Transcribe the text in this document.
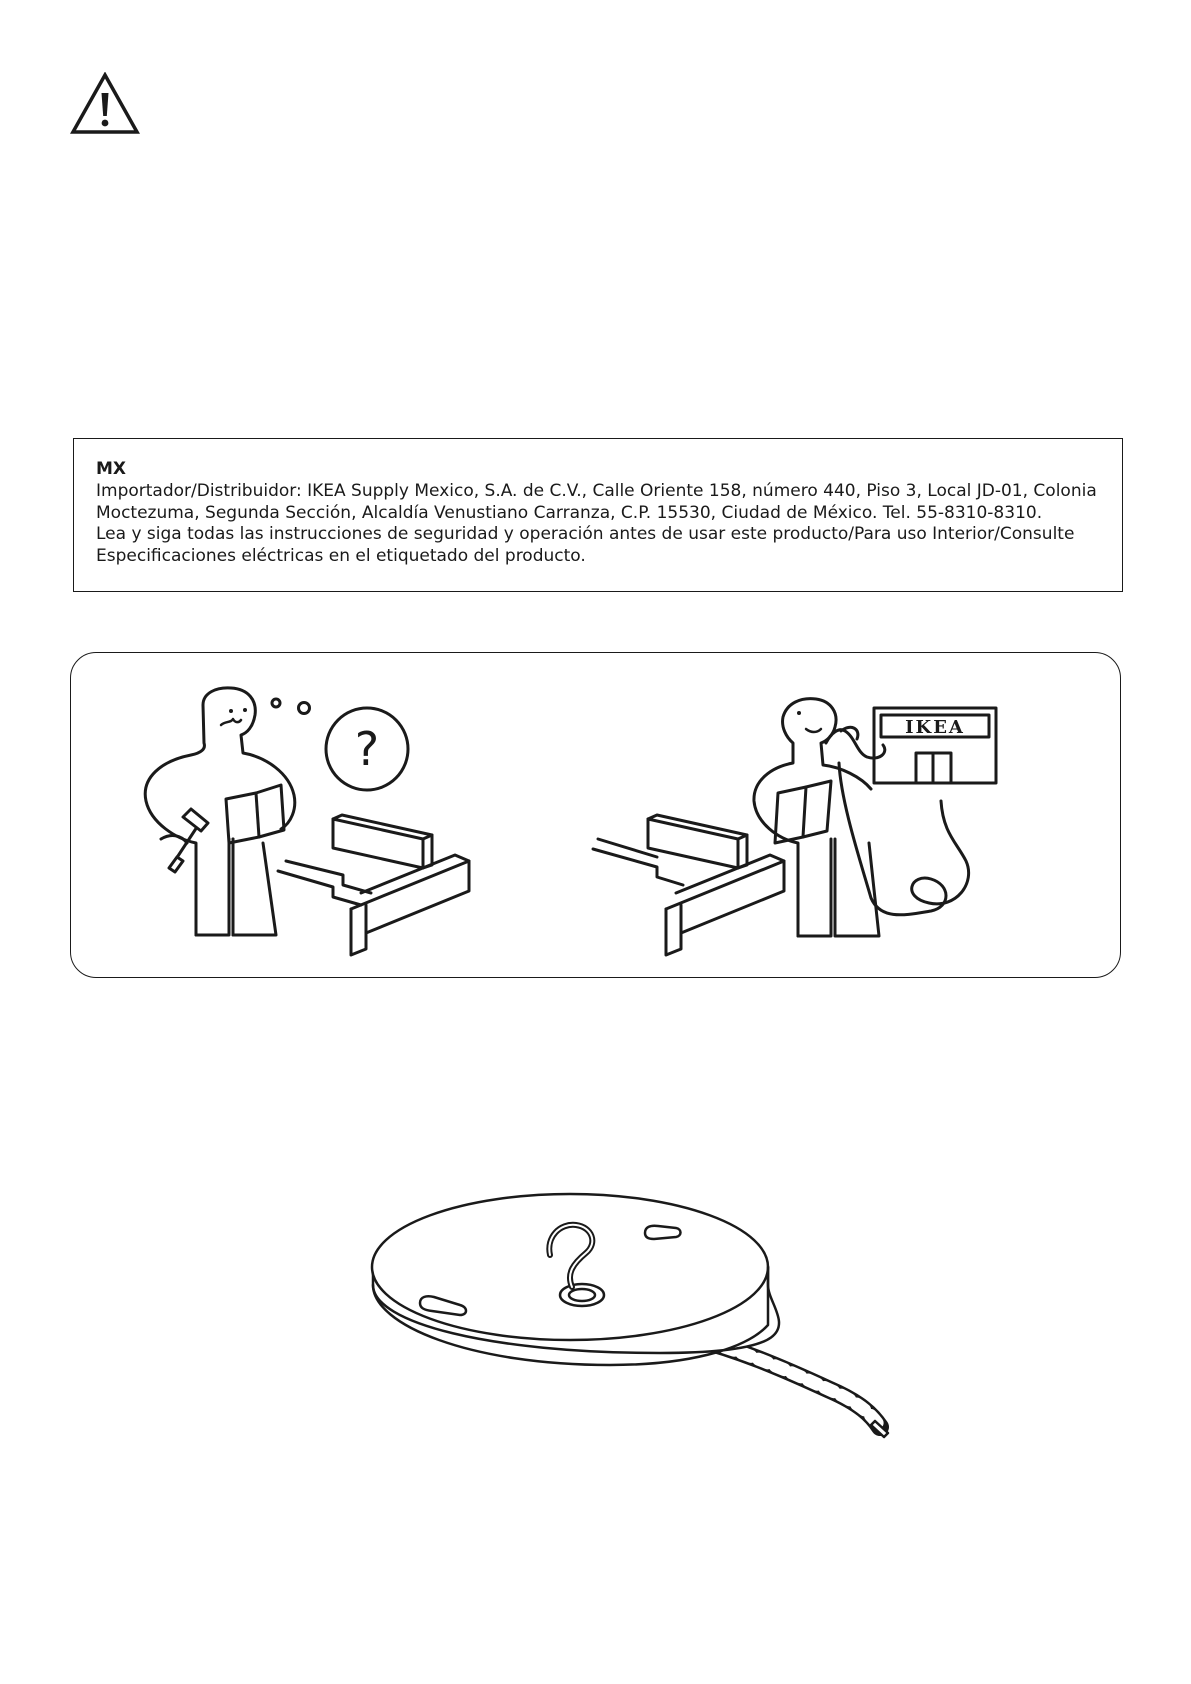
MX

Importador/Distribuidor: IKEA Supply Mexico, S.A. de C.V., Calle Oriente 158, número 440, Piso 3, Local JD-01, Colonia Moctezuma, Segunda Sección, Alcaldía Venustiano Carranza, C.P. 15530, Ciudad de México. Tel. 55-8310-8310.

Lea y siga todas las instrucciones de seguridad y operación antes de usar este producto/Para uso Interior/Consulte Especificaciones eléctricas en el etiquetado del producto.

?	IKEA
